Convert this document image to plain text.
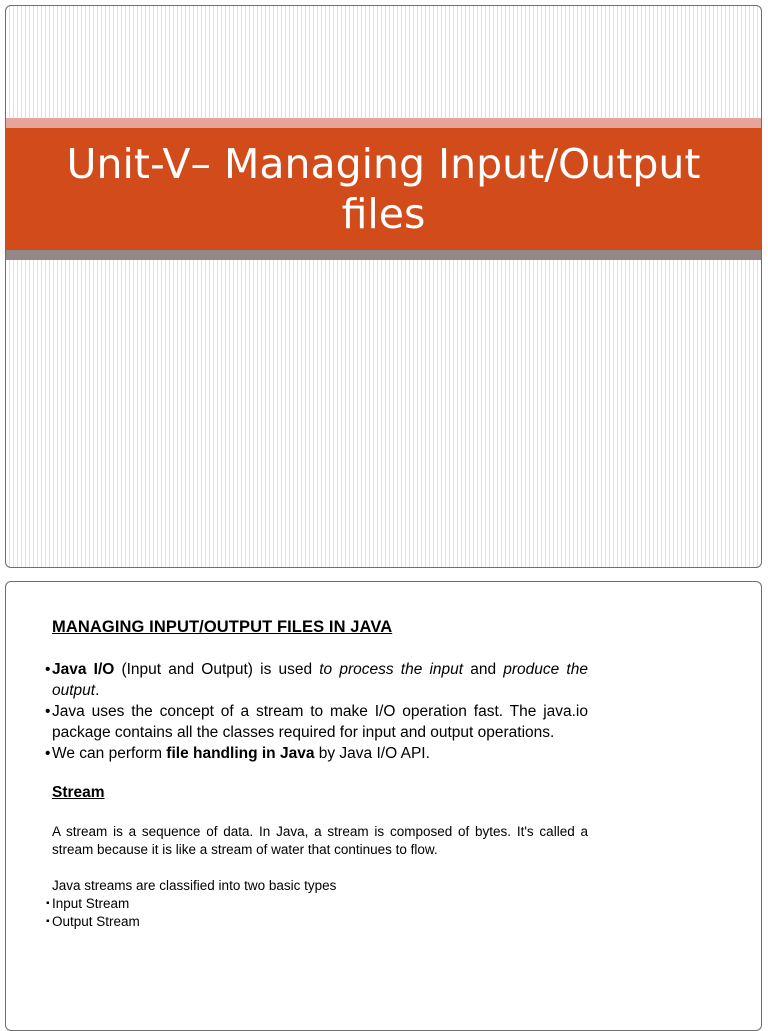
Unit-V– Managing Input/Output files
MANAGING INPUT/OUTPUT FILES IN JAVA
• Java I/O (Input and Output) is used to process the input and produce the output.
• Java uses the concept of a stream to make I/O operation fast. The java.io package contains all the classes required for input and output operations.
• We can perform file handling in Java by Java I/O API.
Stream
A stream is a sequence of data. In Java, a stream is composed of bytes. It's called a stream because it is like a stream of water that continues to flow.
Java streams are classified into two basic types
▪ Input Stream
▪ Output Stream
